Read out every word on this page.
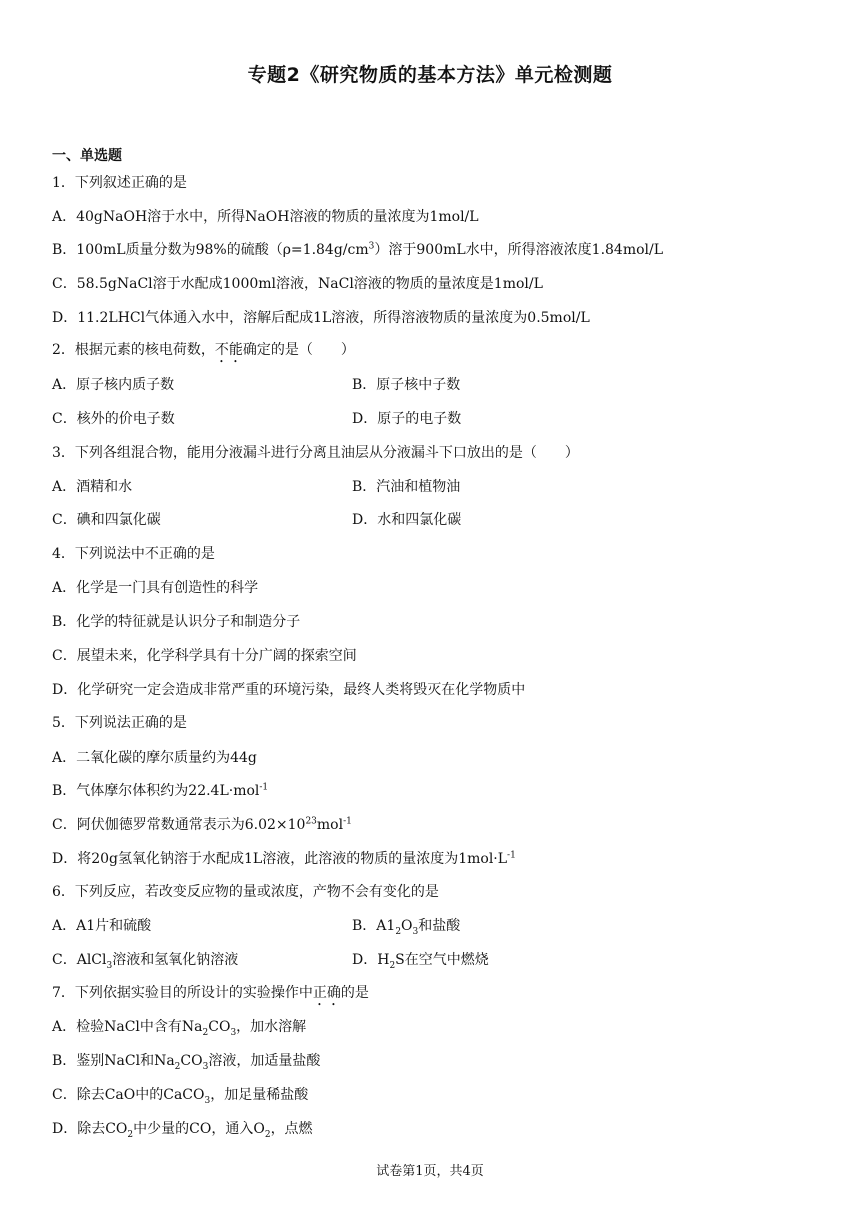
专题2《研究物质的基本方法》单元检测题
一、单选题
1．下列叙述正确的是
A．40gNaOH溶于水中，所得NaOH溶液的物质的量浓度为1mol/L
B．100mL质量分数为98%的硫酸$(\rho=1.84g/cm^3)$溶于900mL水中，所得溶液浓度1.84mol/L
C．58.5gNaCl溶于水配成1000ml溶液，NaCl溶液的物质的量浓度是1mol/L
D．11.2LHCl气体通入水中，溶解后配成1L溶液，所得溶液物质的量浓度为0.5mol/L
2．根据元素的核电荷数，不能确定的是（　　）
A．原子核内质子数	B．原子核中子数
C．核外的价电子数	D．原子的电子数
3．下列各组混合物，能用分液漏斗进行分离且油层从分液漏斗下口放出的是（　　）
A．酒精和水	B．汽油和植物油
C．碘和四氯化碳	D．水和四氯化碳
4．下列说法中不正确的是
A．化学是一门具有创造性的科学
B．化学的特征就是认识分子和制造分子
C．展望未来，化学科学具有十分广阔的探索空间
D．化学研究一定会造成非常严重的环境污染，最终人类将毁灭在化学物质中
5．下列说法正确的是
A．二氧化碳的摩尔质量约为44g
B．气体摩尔体积约为22.4L·mol$^{-1}$
C．阿伏伽德罗常数通常表示为$6.02\times 10^{23}mol^{-1}$
D．将20g氢氧化钠溶于水配成1L溶液，此溶液的物质的量浓度为$1mol\cdot L^{-1}$
6．下列反应，若改变反应物的量或浓度，产物不会有变化的是
A．A1片和硫酸	B．$A1_2O_3$和盐酸
C．AlCl$_3$溶液和氢氧化钠溶液	D．$H_2S$在空气中燃烧
7．下列依据实验目的所设计的实验操作中正确的是
A．检验NaCl中含有$Na_2CO_3$，加水溶解
B．鉴别NaCl和$Na_2CO_3$溶液，加适量盐酸
C．除去CaO中的CaCO$_3$，加足量稀盐酸
D．除去$CO_2$中少量的CO，通入$O_2$，点燃
试卷第1页，共4页
